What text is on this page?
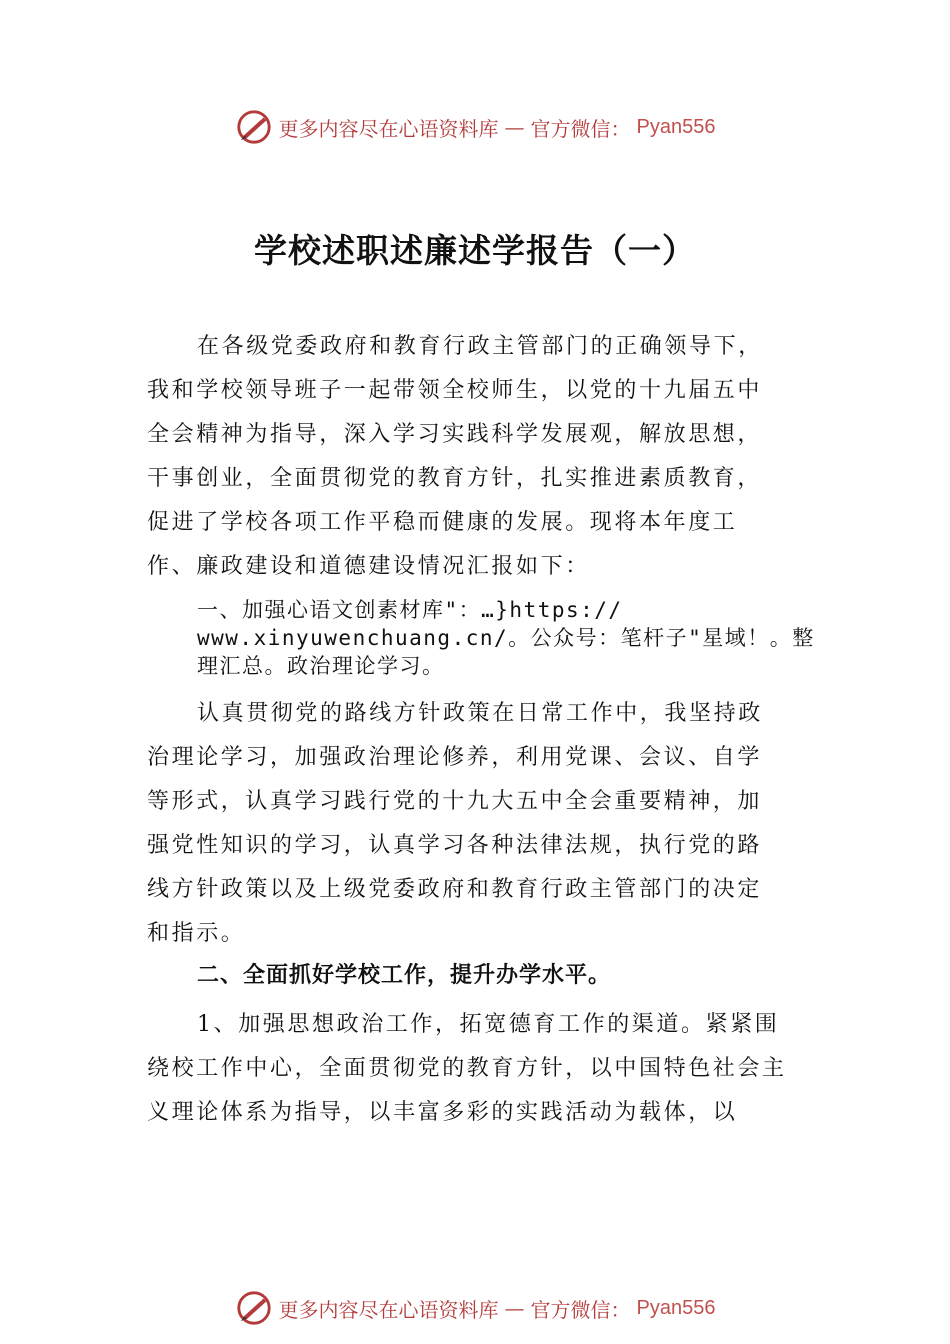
更多内容尽在心语资料库 — 官方微信： Pyan556
学校述职述廉述学报告（一）
在各级党委政府和教育行政主管部门的正确领导下，
我和学校领导班子一起带领全校师生，以党的十九届五中
全会精神为指导，深入学习实践科学发展观，解放思想，
干事创业，全面贯彻党的教育方针，扎实推进素质教育，
促进了学校各项工作平稳而健康的发展。现将本年度工
作、廉政建设和道德建设情况汇报如下：
一、加强心语文创素材库"：…}https://
www.xinyuwenchuang.cn/。公众号：笔杆子"星域！。整
理汇总。政治理论学习。
认真贯彻党的路线方针政策在日常工作中，我坚持政
治理论学习，加强政治理论修养，利用党课、会议、自学
等形式，认真学习践行党的十九大五中全会重要精神，加
强党性知识的学习，认真学习各种法律法规，执行党的路
线方针政策以及上级党委政府和教育行政主管部门的决定
和指示。
二、全面抓好学校工作，提升办学水平。
1、加强思想政治工作，拓宽德育工作的渠道。紧紧围
绕校工作中心，全面贯彻党的教育方针，以中国特色社会主
义理论体系为指导，以丰富多彩的实践活动为载体，以
更多内容尽在心语资料库 — 官方微信： Pyan556
